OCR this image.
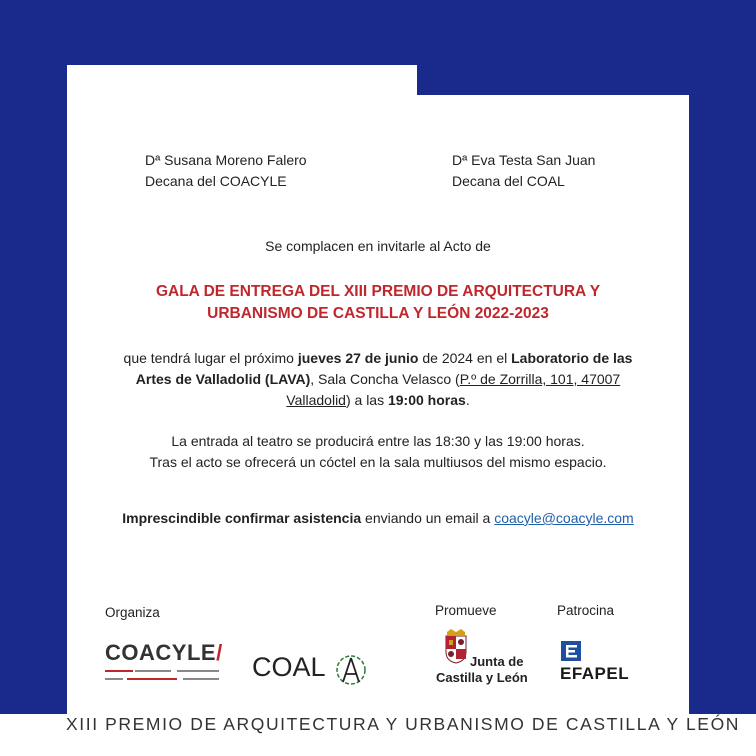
Dª Susana Moreno Falero
Decana del COACYLE
Dª Eva Testa San Juan
Decana del COAL
Se complacen en invitarle al Acto de
GALA DE ENTREGA DEL XIII PREMIO DE ARQUITECTURA Y
URBANISMO DE CASTILLA Y LEÓN 2022-2023
que tendrá lugar el próximo jueves 27 de junio de 2024 en el Laboratorio de las
Artes de Valladolid (LAVA), Sala Concha Velasco (P.º de Zorrilla, 101, 47007
Valladolid) a las 19:00 horas.
La entrada al teatro se producirá entre las 18:30 y las 19:00 horas.
Tras el acto se ofrecerá un cóctel en la sala multiusos del mismo espacio.
Imprescindible confirmar asistencia enviando un email a coacyle@coacyle.com
Organiza	Promueve	Patrocina
COACYLE/ COAL	Junta de
Castilla y León EFAPEL
XIII PREMIO DE ARQUITECTURA Y URBANISMO DE CASTILLA Y LEÓN
